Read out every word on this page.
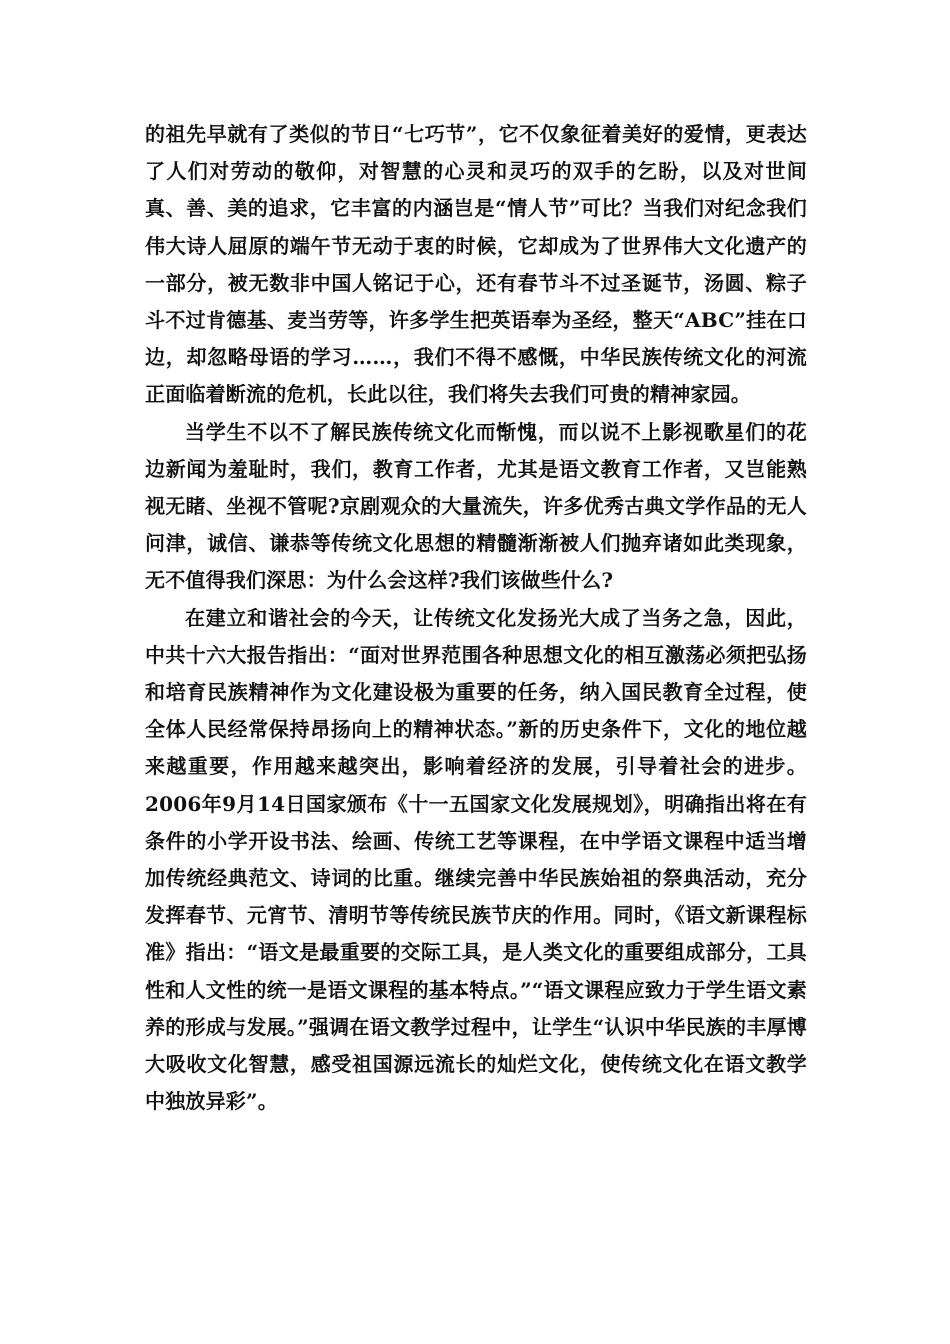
的祖先早就有了类似的节日“七巧节”，它不仅象征着美好的爱情，更表达了人们对劳动的敬仰，对智慧的心灵和灵巧的双手的乞盼，以及对世间真、善、美的追求，它丰富的内涵岂是“情人节”可比？当我们对纪念我们伟大诗人屈原的端午节无动于衷的时候，它却成为了世界伟大文化遗产的一部分，被无数非中国人铭记于心，还有春节斗不过圣诞节，汤圆、粽子斗不过肯德基、麦当劳等，许多学生把英语奉为圣经，整天“ABC”挂在口边，却忽略母语的学习……，我们不得不感慨，中华民族传统文化的河流正面临着断流的危机，长此以往，我们将失去我们可贵的精神家园。

当学生不以不了解民族传统文化而惭愧，而以说不上影视歌星们的花边新闻为羞耻时，我们，教育工作者，尤其是语文教育工作者，又岂能熟视无睹、坐视不管呢?京剧观众的大量流失，许多优秀古典文学作品的无人问津，诚信、谦恭等传统文化思想的精髓渐渐被人们抛弃诸如此类现象，无不值得我们深思：为什么会这样?我们该做些什么?

在建立和谐社会的今天，让传统文化发扬光大成了当务之急，因此，中共十六大报告指出：“面对世界范围各种思想文化的相互激荡必须把弘扬和培育民族精神作为文化建设极为重要的任务，纳入国民教育全过程，使全体人民经常保持昂扬向上的精神状态。”新的历史条件下，文化的地位越来越重要，作用越来越突出，影响着经济的发展，引导着社会的进步。2006年9月14日国家颁布《十一五国家文化发展规划》，明确指出将在有条件的小学开设书法、绘画、传统工艺等课程，在中学语文课程中适当增加传统经典范文、诗词的比重。继续完善中华民族始祖的祭典活动，充分发挥春节、元宵节、清明节等传统民族节庆的作用。同时，《语文新课程标准》指出：“语文是最重要的交际工具，是人类文化的重要组成部分，工具性和人文性的统一是语文课程的基本特点。”“语文课程应致力于学生语文素养的形成与发展。”强调在语文教学过程中，让学生“认识中华民族的丰厚博大吸收文化智慧，感受祖国源远流长的灿烂文化，使传统文化在语文教学中独放异彩”。
